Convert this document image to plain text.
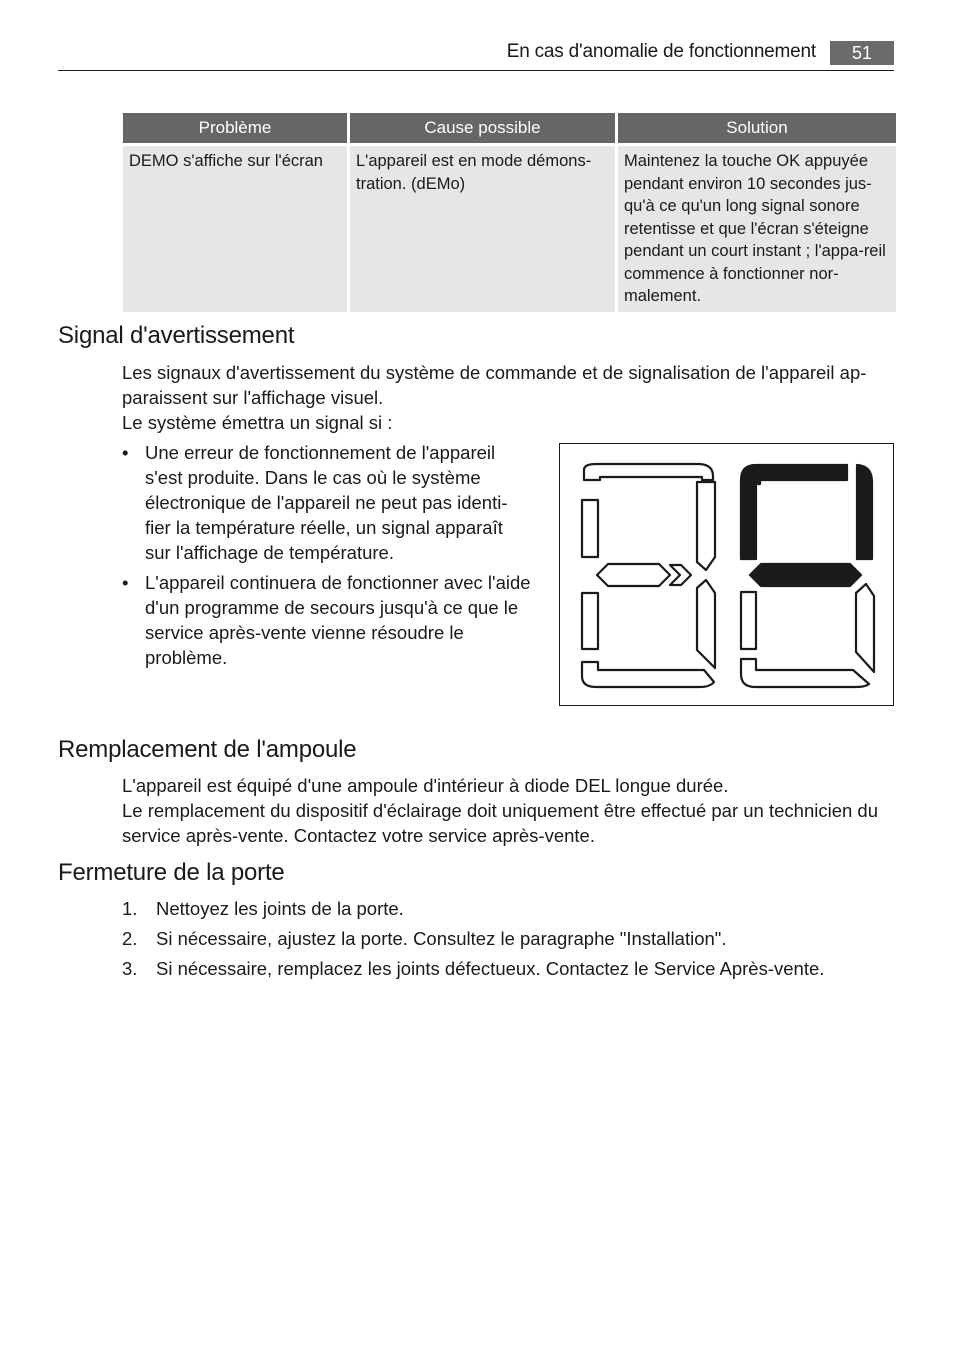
En cas d'anomalie de fonctionnement	51
Problème	Cause possible	Solution
DEMO s'affiche sur l'écran	L'appareil est en mode démons-tration. (dEMo)	Maintenez la touche OK appuyée pendant environ 10 secondes jus-qu'à ce qu'un long signal sonore retentisse et que l'écran s'éteigne pendant un court instant ; l'appa-reil commence à fonctionner nor-malement.
Signal d'avertissement

Les signaux d'avertissement du système de commande et de signalisation de l'appareil ap-paraissent sur l'affichage visuel.

Le système émettra un signal si :

• Une erreur de fonctionnement de l'appareil s'est produite. Dans le cas où le système électronique de l'appareil ne peut pas identi-fier la température réelle, un signal apparaît sur l'affichage de température.
• L'appareil continuera de fonctionner avec l'aide d'un programme de secours jusqu'à ce que le service après-vente vienne résoudre le problème.
Remplacement de l'ampoule

L'appareil est équipé d'une ampoule d'intérieur à diode DEL longue durée.

Le remplacement du dispositif d'éclairage doit uniquement être effectué par un technicien du service après-vente. Contactez votre service après-vente.

Fermeture de la porte
1. Nettoyez les joints de la porte.
2. Si nécessaire, ajustez la porte. Consultez le paragraphe "Installation".
3. Si nécessaire, remplacez les joints défectueux. Contactez le Service Après-vente.
